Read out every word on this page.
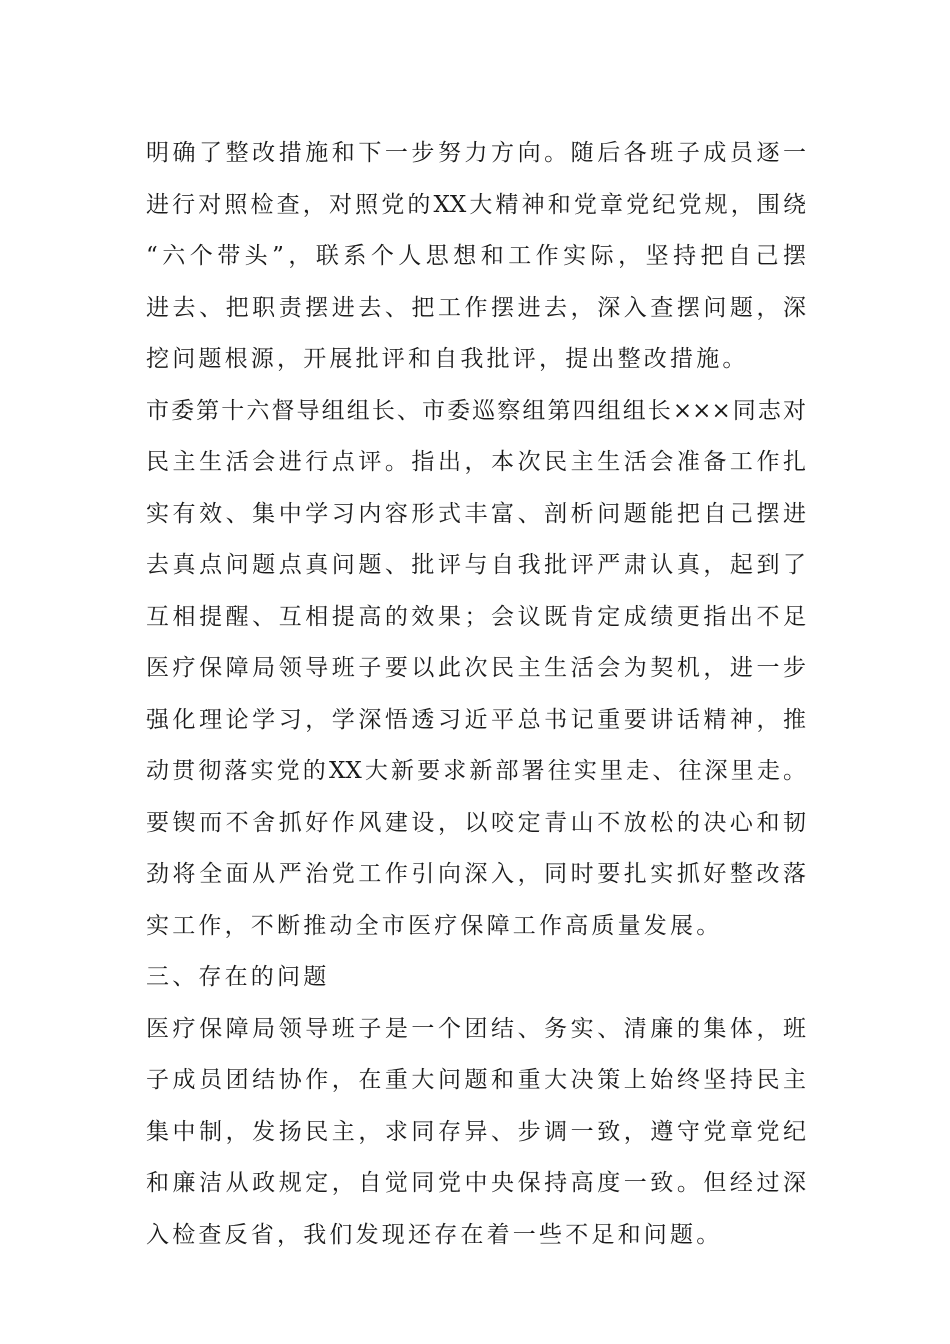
明确了整改措施和下一步努力方向。随后各班子成员逐一
进行对照检查，对照党的XX大精神和党章党纪党规，围绕
“六个带头”，联系个人思想和工作实际，坚持把自己摆
进去、把职责摆进去、把工作摆进去，深入查摆问题，深
挖问题根源，开展批评和自我批评，提出整改措施。
市委第十六督导组组长、市委巡察组第四组组长×××同志对
民主生活会进行点评。指出，本次民主生活会准备工作扎
实有效、集中学习内容形式丰富、剖析问题能把自己摆进
去真点问题点真问题、批评与自我批评严肃认真，起到了
互相提醒、互相提高的效果；会议既肯定成绩更指出不足
医疗保障局领导班子要以此次民主生活会为契机，进一步
强化理论学习，学深悟透习近平总书记重要讲话精神，推
动贯彻落实党的XX大新要求新部署往实里走、往深里走。
要锲而不舍抓好作风建设，以咬定青山不放松的决心和韧
劲将全面从严治党工作引向深入，同时要扎实抓好整改落
实工作，不断推动全市医疗保障工作高质量发展。
三、存在的问题
医疗保障局领导班子是一个团结、务实、清廉的集体，班
子成员团结协作，在重大问题和重大决策上始终坚持民主
集中制，发扬民主，求同存异、步调一致，遵守党章党纪
和廉洁从政规定，自觉同党中央保持高度一致。但经过深
入检查反省，我们发现还存在着一些不足和问题。
